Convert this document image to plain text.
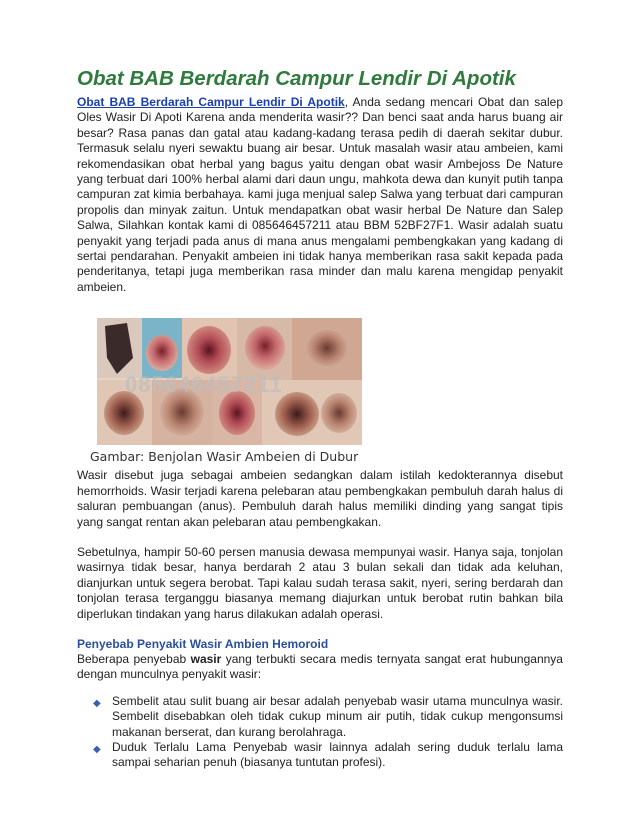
Obat BAB Berdarah Campur Lendir Di Apotik

Obat BAB Berdarah Campur Lendir Di Apotik, Anda sedang mencari Obat dan salep Oles Wasir Di Apoti Karena anda menderita wasir?? Dan benci saat anda harus buang air besar? Rasa panas dan gatal atau kadang-kadang terasa pedih di daerah sekitar dubur. Termasuk selalu nyeri sewaktu buang air besar. Untuk masalah wasir atau ambeien, kami rekomendasikan obat herbal yang bagus yaitu dengan obat wasir Ambejoss De Nature yang terbuat dari 100% herbal alami dari daun ungu, mahkota dewa dan kunyit putih tanpa campuran zat kimia berbahaya. kami juga menjual salep Salwa yang terbuat dari campuran propolis dan minyak zaitun. Untuk mendapatkan obat wasir herbal De Nature dan Salep Salwa, Silahkan kontak kami di 085646457211 atau BBM 52BF27F1. Wasir adalah suatu penyakit yang terjadi pada anus di mana anus mengalami pembengkakan yang kadang di sertai pendarahan. Penyakit ambeien ini tidak hanya memberikan rasa sakit kepada pada penderitanya, tetapi juga memberikan rasa minder dan malu karena mengidap penyakit ambeien.

085646457211
Gambar: Benjolan Wasir Ambeien di Dubur

Wasir disebut juga sebagai ambeien sedangkan dalam istilah kedokterannya disebut hemorrhoids. Wasir terjadi karena pelebaran atau pembengkakan pembuluh darah halus di saluran pembuangan (anus). Pembuluh darah halus memiliki dinding yang sangat tipis yang sangat rentan akan pelebaran atau pembengkakan.

Sebetulnya, hampir 50-60 persen manusia dewasa mempunyai wasir. Hanya saja, tonjolan wasirnya tidak besar, hanya berdarah 2 atau 3 bulan sekali dan tidak ada keluhan, dianjurkan untuk segera berobat. Tapi kalau sudah terasa sakit, nyeri, sering berdarah dan tonjolan terasa terganggu biasanya memang diajurkan untuk berobat rutin bahkan bila diperlukan tindakan yang harus dilakukan adalah operasi.

Penyebab Penyakit Wasir Ambien Hemoroid

Beberapa penyebab wasir yang terbukti secara medis ternyata sangat erat hubungannya dengan munculnya penyakit wasir:

◆ Sembelit atau sulit buang air besar adalah penyebab wasir utama munculnya wasir. Sembelit disebabkan oleh tidak cukup minum air putih, tidak cukup mengonsumsi makanan berserat, dan kurang berolahraga.
◆ Duduk Terlalu Lama Penyebab wasir lainnya adalah sering duduk terlalu lama sampai seharian penuh (biasanya tuntutan profesi).
